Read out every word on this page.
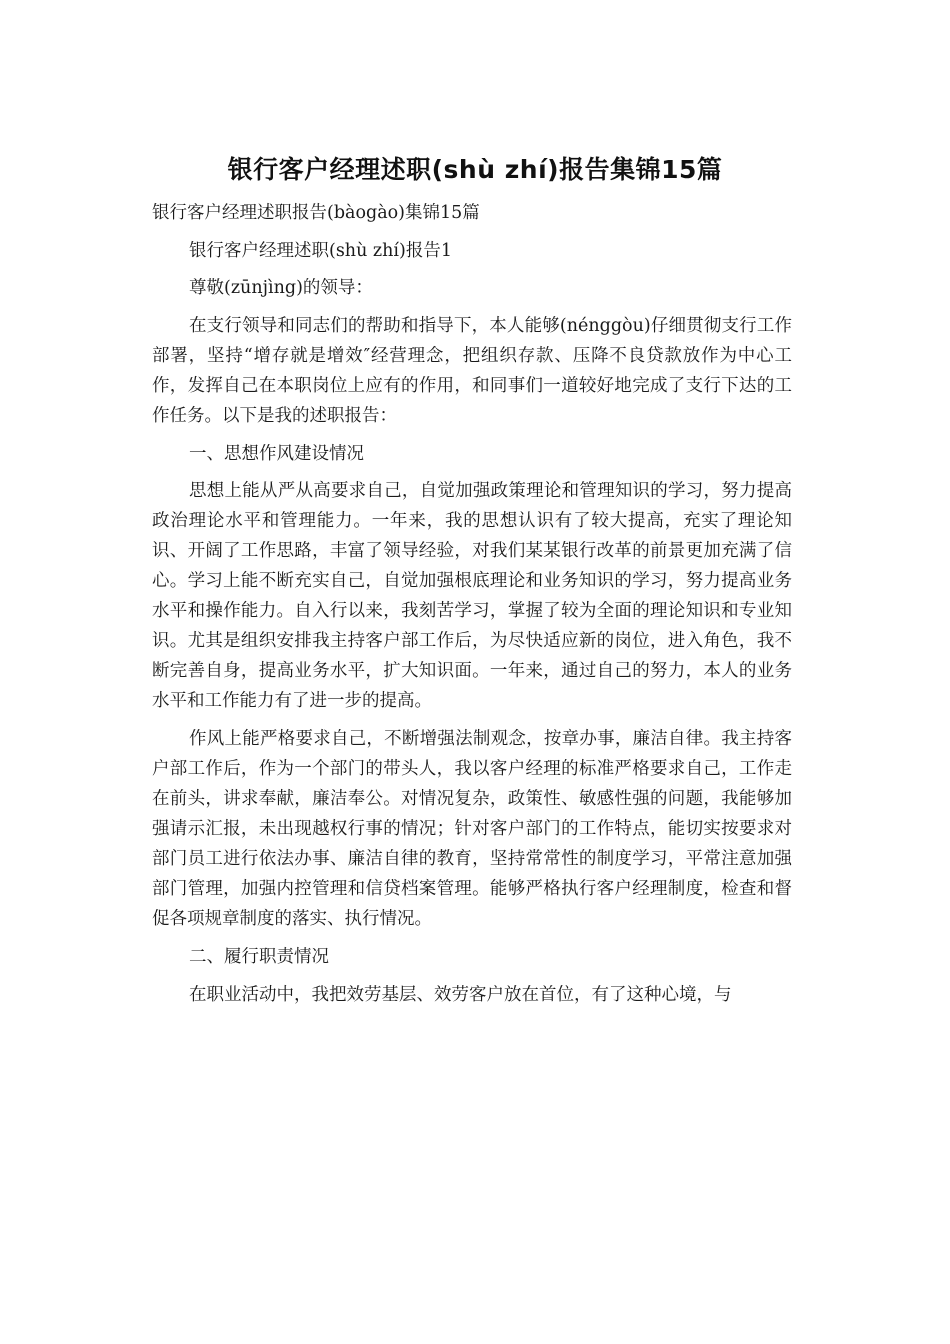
银行客户经理述职(shù zhí)报告集锦15篇

银行客户经理述职报告(bàogào)集锦15篇

银行客户经理述职(shù zhí)报告1

尊敬(zūnjìng)的领导：

在支行领导和同志们的帮助和指导下，本人能够(nénggòu)仔细贯彻支行工作部署，坚持“增存就是增效″经营理念，把组织存款、压降不良贷款放作为中心工作，发挥自己在本职岗位上应有的作用，和同事们一道较好地完成了支行下达的工作任务。以下是我的述职报告：

一、思想作风建设情况

思想上能从严从高要求自己，自觉加强政策理论和管理知识的学习，努力提高政治理论水平和管理能力。一年来，我的思想认识有了较大提高，充实了理论知识、开阔了工作思路，丰富了领导经验，对我们某某银行改革的前景更加充满了信心。学习上能不断充实自己，自觉加强根底理论和业务知识的学习，努力提高业务水平和操作能力。自入行以来，我刻苦学习，掌握了较为全面的理论知识和专业知识。尤其是组织安排我主持客户部工作后，为尽快适应新的岗位，进入角色，我不断完善自身，提高业务水平，扩大知识面。一年来，通过自己的努力，本人的业务水平和工作能力有了进一步的提高。

作风上能严格要求自己，不断增强法制观念，按章办事，廉洁自律。我主持客户部工作后，作为一个部门的带头人，我以客户经理的标准严格要求自己，工作走在前头，讲求奉献，廉洁奉公。对情况复杂，政策性、敏感性强的问题，我能够加强请示汇报，未出现越权行事的情况；针对客户部门的工作特点，能切实按要求对部门员工进行依法办事、廉洁自律的教育，坚持常常性的制度学习，平常注意加强部门管理，加强内控管理和信贷档案管理。能够严格执行客户经理制度，检查和督促各项规章制度的落实、执行情况。

二、履行职责情况

在职业活动中，我把效劳基层、效劳客户放在首位，有了这种心境，与
